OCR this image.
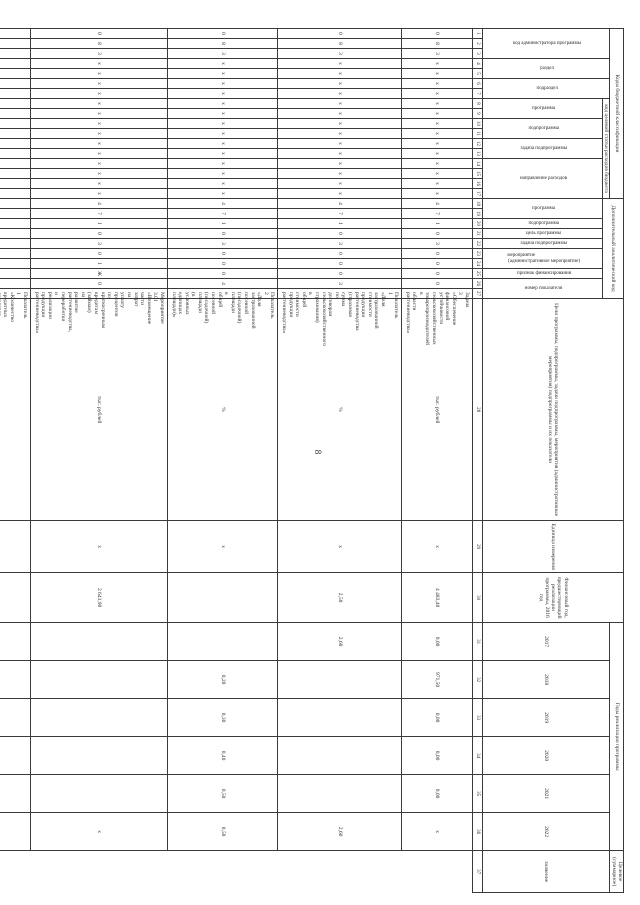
8
Коды бюджетной классификации																	Дополнительный аналитический код										Цели программы, подпрограммы, задачи подпрограммы, мероприятия (административные мероприятия) подпрограммы и их показатели	Единица измерения	Финансовый год, предшествующий реализации программы, 2016 год	Годы реализации программы						Целевое (суммарное)
код администратора программы			раздел		подраздел		код целевой статьи расходов бюджета																							2017	2018	2019	2020	2021	2022	значение
							программа		подпрограмма		задача подпрограммы		направление расходов				программа		подпрограмма	цель программы	задача подпрограммы	мероприятие(административное мероприятие)		признак финансирования	номер показателя											
1	2	3	4	5	6	7	8	9	10	11	12	13	14	15	16	17	18	19	20	21	22	23	24	25	26	27	28	29	30	31	32	33	34	35	36	37
0	8	3	х	х	х	х	х	х	х	х	х	х	х	х	х	х	4	7	1	0	3	0	0	0	0	Задача 3 «Обеспечение финансовой устойчивости сельскохозяйственных товаропроизводителей в области растениеводства»	тыс. рублей	х	4 483,40	0,00	971,50	0,00	0,00	0,00	х	
0	8	3	х	х	х	х	х	х	х	х	х	х	х	х	х	х	4	7	1	0	3	0	0	0	3	Показатель 1 «Доля застрахованной стоимости продукции растениеводства (страховая сумма по договорам сельскохозяйственного страхования) в общей стоимости продукции растениеводства»	%	х	2,50	2,60					2,60	
0	8	3	х	х	х	х	х	х	х	х	х	х	х	х	х	х	4	7	1	0	3	0	0	0	4	Показатель 2 «Доля застрахованной посевной (посадочной) площади в общей посевной (посадочной) площади (в условных единицах площади)»	%	х			0,20	0,30	0,40	0,50	0,50	
0	8	3	х	х	х	х	х	х	х	х	х	х	х	х	х	х	4	7	1	0	3	0	1	Ж	0	Мероприятие 3.01 «Возмещение части затрат на уплату процентов по краткосрочным кредитам (займам) на развитие растениеводства, переработки и реализации продукции растениеводства»	тыс. рублей	х	2 641,90						х	
																										Показатель 1 «Количество кредитных									
